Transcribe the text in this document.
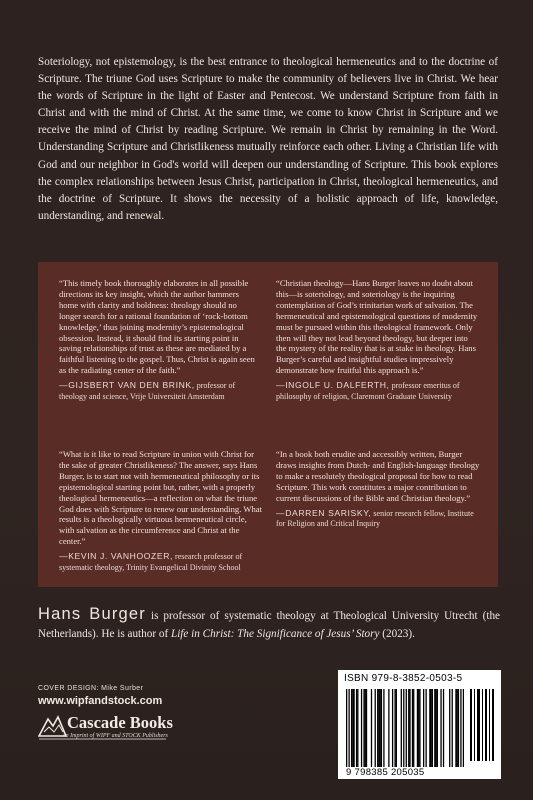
Soteriology, not epistemology, is the best entrance to theological hermeneutics and to the doctrine of Scripture. The triune God uses Scripture to make the community of believers live in Christ. We hear the words of Scripture in the light of Easter and Pentecost. We understand Scripture from faith in Christ and with the mind of Christ. At the same time, we come to know Christ in Scripture and we receive the mind of Christ by reading Scripture. We remain in Christ by remaining in the Word. Understanding Scripture and Christlikeness mutually reinforce each other. Living a Christian life with God and our neighbor in God's world will deepen our understanding of Scripture. This book explores the complex relationships between Jesus Christ, participation in Christ, theological hermeneutics, and the doctrine of Scripture. It shows the necessity of a holistic approach of life, knowledge, understanding, and renewal.

“This timely book thoroughly elaborates in all possible directions its key insight, which the author hammers home with clarity and boldness: theology should no longer search for a rational foundation of ‘rock-bottom knowledge,’ thus joining modernity’s epistemological obsession. Instead, it should find its starting point in saving relationships of trust as these are mediated by a faithful listening to the gospel. Thus, Christ is again seen as the radiating center of the faith.”

—GIJSBERT VAN DEN BRINK, professor of theology and science, Vrije Universiteit Amsterdam

“Christian theology—Hans Burger leaves no doubt about this—is soteriology, and soteriology is the inquiring contemplation of God’s trinitarian work of salvation. The hermeneutical and epistemological questions of modernity must be pursued within this theological framework. Only then will they not lead beyond theology, but deeper into the mystery of the reality that is at stake in theology. Hans Burger’s careful and insightful studies impressively demonstrate how fruitful this approach is.”

—INGOLF U. DALFERTH, professor emeritus of philosophy of religion, Claremont Graduate University

“What is it like to read Scripture in union with Christ for the sake of greater Christlikeness? The answer, says Hans Burger, is to start not with hermeneutical philosophy or its epistemological starting point but, rather, with a properly theological hermeneutics—a reflection on what the triune God does with Scripture to renew our understanding. What results is a theologically virtuous hermeneutical circle, with salvation as the circumference and Christ at the center.”

—KEVIN J. VANHOOZER, research professor of systematic theology, Trinity Evangelical Divinity School

“In a book both erudite and accessibly written, Burger draws insights from Dutch- and English-language theology to make a resolutely theological proposal for how to read Scripture. This work constitutes a major contribution to current discussions of the Bible and Christian theology.”

—DARREN SARISKY, senior research fellow, Institute for Religion and Critical Inquiry

Hans Burger is professor of systematic theology at Theological University Utrecht (the Netherlands). He is author of Life in Christ: The Significance of Jesus’ Story (2023).

COVER DESIGN: Mike Surber
www.wipfandstock.com
Cascade Books
An Imprint of WIPF and STOCK Publishers
ISBN 979-8-3852-0503-5
9 798385 205035
